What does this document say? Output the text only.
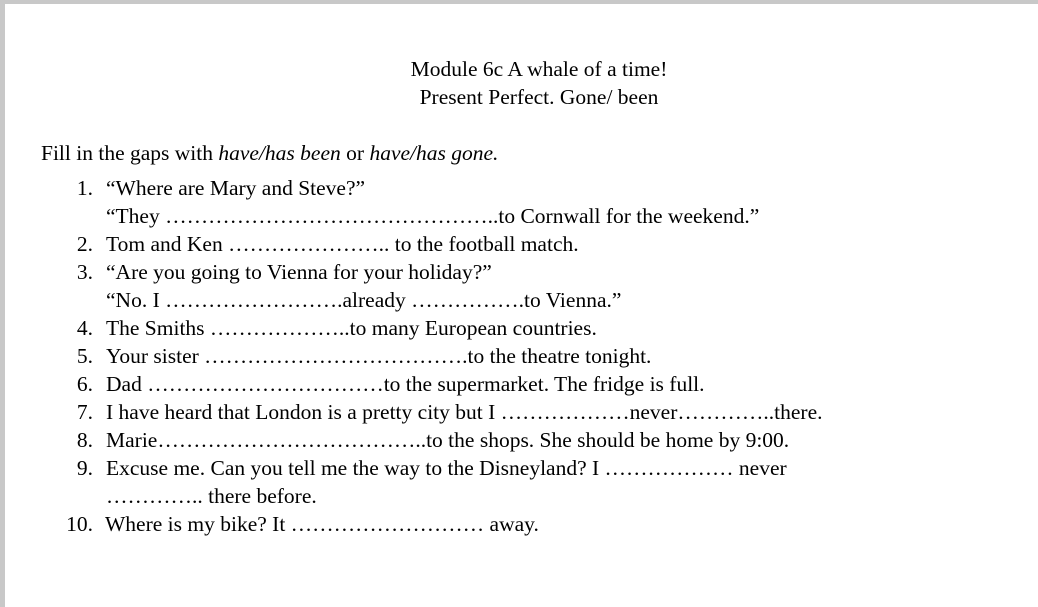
Module 6c A whale of a time!
Present Perfect. Gone/ been
Fill in the gaps with have/has been or have/has gone.
1. “Where are Mary and Steve?”
“They ………………………………………..to Cornwall for the weekend.”
2. Tom and Ken ………………….. to the football match.
3. “Are you going to Vienna for your holiday?”
“No. I …………………….already …………….to Vienna.”
4. The Smiths ………………..to many European countries.
5. Your sister ……………………………….to the theatre tonight.
6. Dad ……………………………to the supermarket. The fridge is full.
7. I have heard that London is a pretty city but I ………………never…………..there.
8. Marie………………………………..to the shops. She should be home by 9:00.
9. Excuse me. Can you tell me the way to the Disneyland? I ……………… never
………….. there before.
10. Where is my bike? It ……………………… away.
